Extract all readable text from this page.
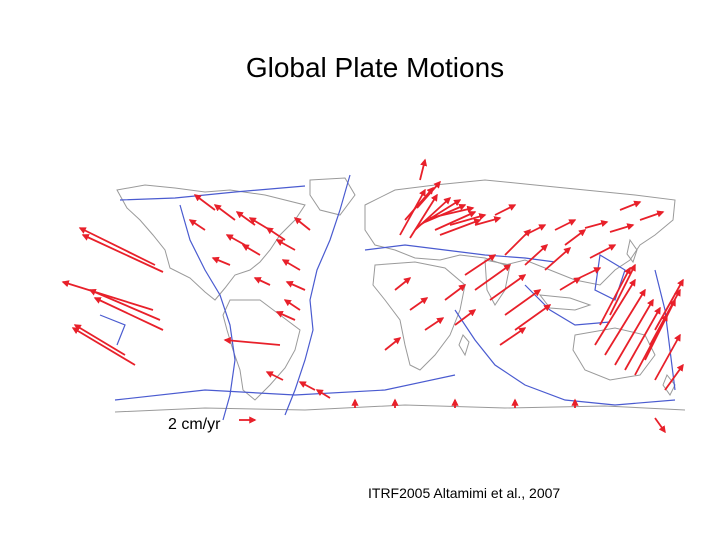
Global Plate Motions
2 cm/yr
ITRF2005 Altamimi et al., 2007
